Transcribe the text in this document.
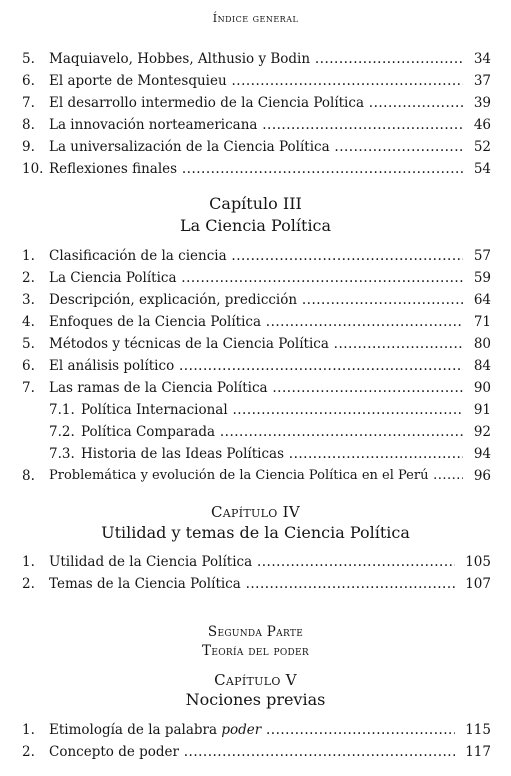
Índice general
5. Maquiavelo, Hobbes, Althusio y Bodin .....	34
6. El aporte de Montesquieu .....	37
7. El desarrollo intermedio de la Ciencia Política .....	39
8. La innovación norteamericana .....	46
9. La universalización de la Ciencia Política .....	52
10. Reflexiones finales .....	54
Capítulo III
La Ciencia Política
1. Clasificación de la ciencia .....	57
2. La Ciencia Política .....	59
3. Descripción, explicación, predicción .....	64
4. Enfoques de la Ciencia Política .....	71
5. Métodos y técnicas de la Ciencia Política .....	80
6. El análisis político .....	84
7. Las ramas de la Ciencia Política .....	90
7.1. Política Internacional .....	91
7.2. Política Comparada .....	92
7.3. Historia de las Ideas Políticas .....	94
8. Problemática y evolución de la Ciencia Política en el Perú .....	96
Capítulo IV
Utilidad y temas de la Ciencia Política
1. Utilidad de la Ciencia Política .....	105
2. Temas de la Ciencia Política .....	107
Segunda Parte
Teoría del poder
Capítulo V
Nociones previas
1. Etimología de la palabra poder .....	115
2. Concepto de poder .....	117
